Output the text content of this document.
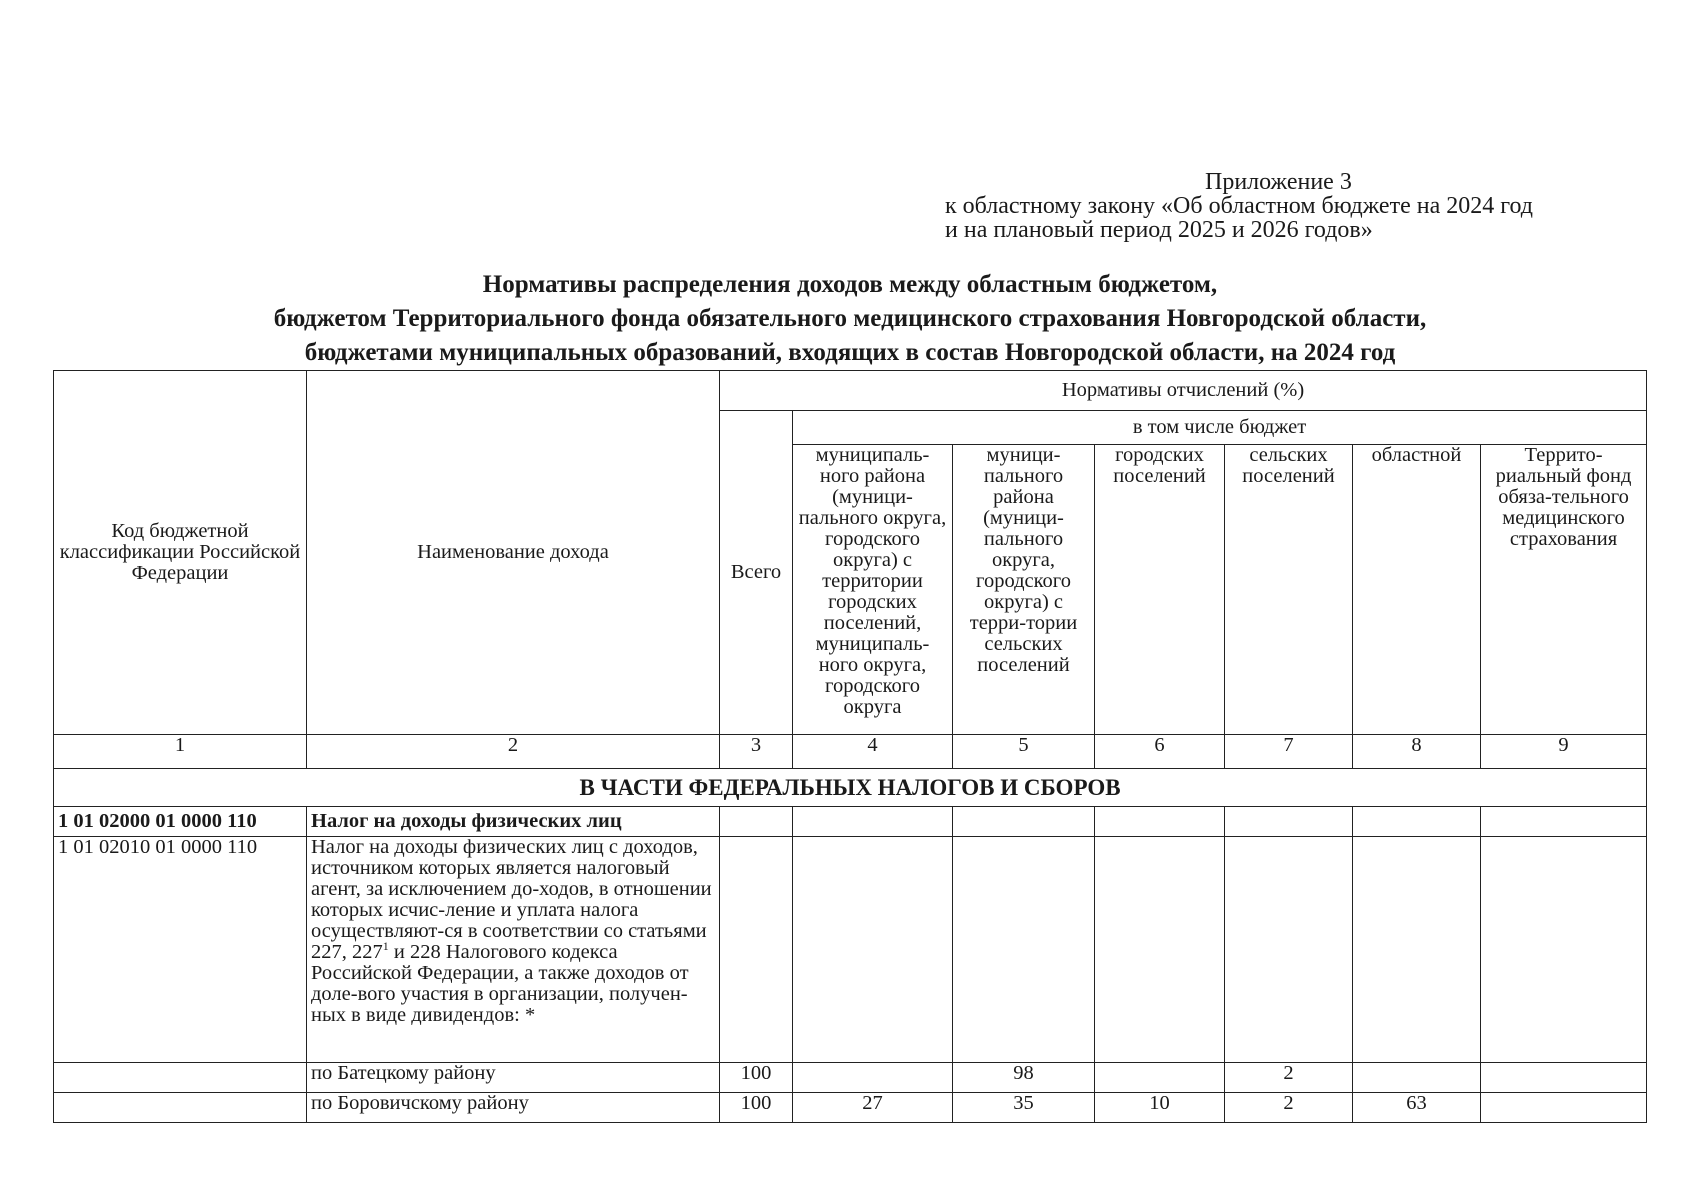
Приложение 3
к областному закону «Об областном бюджете на 2024 год
и на плановый период 2025 и 2026 годов»
Нормативы распределения доходов между областным бюджетом,
бюджетом Территориального фонда обязательного медицинского страхования Новгородской области,
бюджетами муниципальных образований, входящих в состав Новгородской области, на 2024 год
Код бюджетной классификации Российской Федерации	Наименование дохода	Нормативы отчислений (%)						
		Всего	в том числе бюджет					
			муниципаль-ного района (муници-пального округа, городского округа) с территории городских поселений, муниципаль-ного округа, городского округа	муници-пального района (муници-пального округа, городского округа) с терри-тории сельских поселений	городских поселений	сельских поселений	областной	Террито-риальный фонд обяза-тельного медицинского страхования
1	2	3	4	5	6	7	8	9
В ЧАСТИ ФЕДЕРАЛЬНЫХ НАЛОГОВ И СБОРОВ								
1 01 02000 01 0000 110	Налог на доходы физических лиц							
1 01 02010 01 0000 110	Налог на доходы физических лиц с доходов, источником которых является налоговый агент, за исключением до-ходов, в отношении которых исчис-ление и уплата налога осуществляют-ся в соответствии со статьями 227, $227^1$ и 228 Налогового кодекса Российской Федерации, а также доходов от доле-вого участия в организации, получен-ных в виде дивидендов: *							
	по Батецкому району	100		98		2		
	по Боровичскому району	100	27	35	10	2	63	
